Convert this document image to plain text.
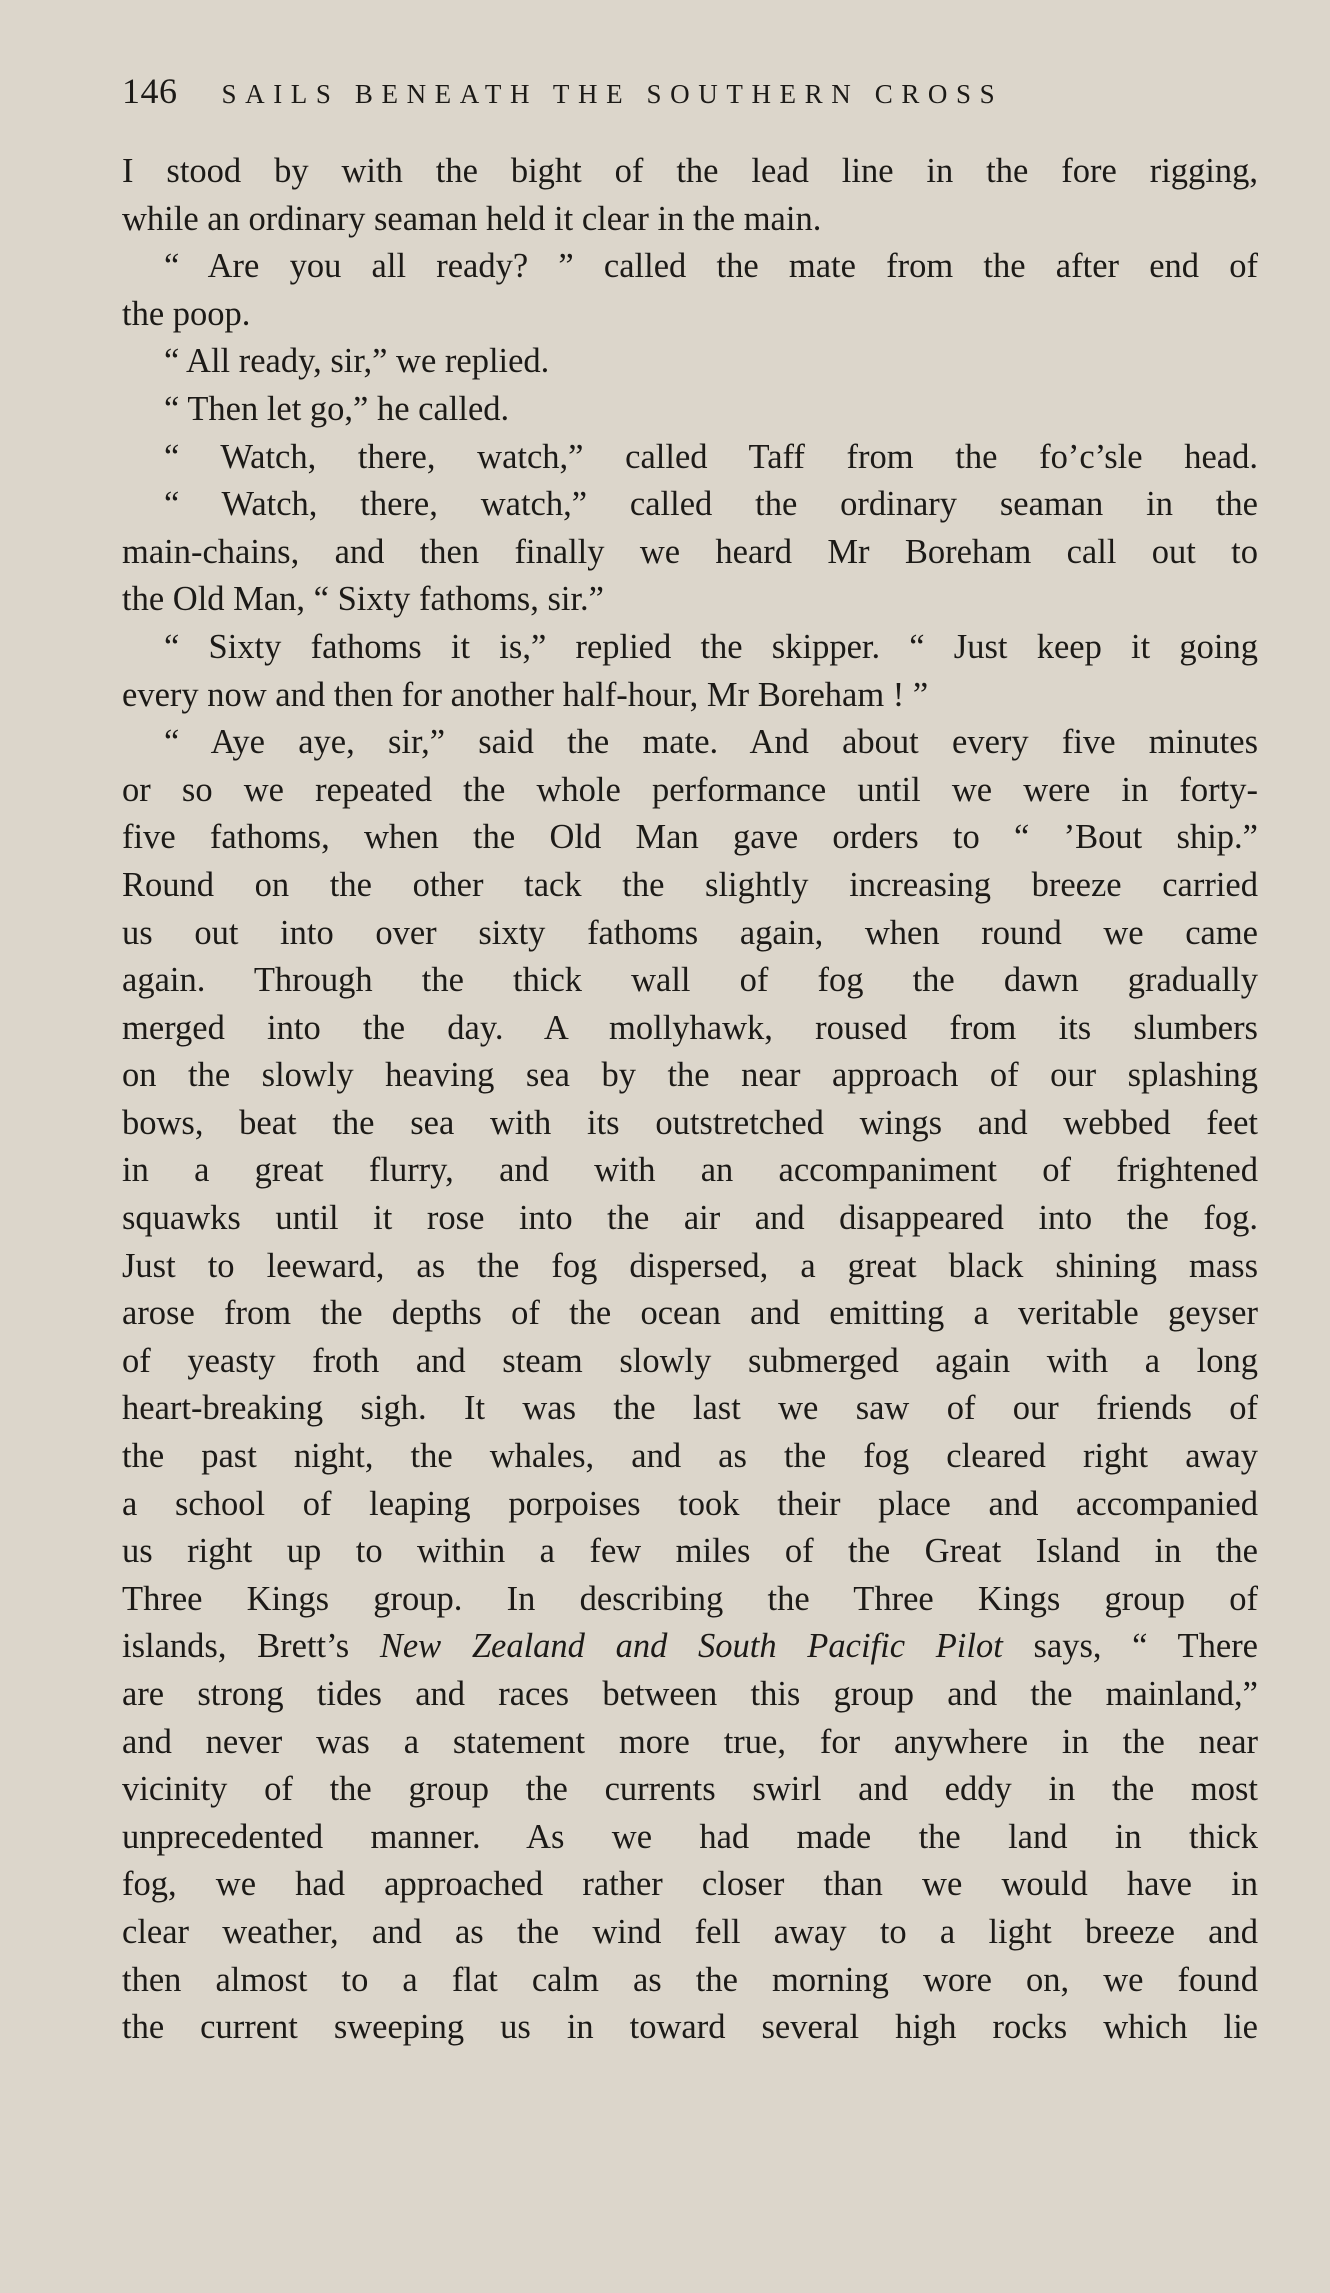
146 SAILS BENEATH THE SOUTHERN CROSS
I stood by with the bight of the lead line in the fore rigging,
while an ordinary seaman held it clear in the main.
“ Are you all ready? ” called the mate from the after end of
the poop.
“ All ready, sir,” we replied.
“ Then let go,” he called.
“ Watch, there, watch,” called Taff from the fo’c’sle head.
“ Watch, there, watch,” called the ordinary seaman in the
main-chains, and then finally we heard Mr Boreham call out to
the Old Man, “ Sixty fathoms, sir.”
“ Sixty fathoms it is,” replied the skipper. “ Just keep it going
every now and then for another half-hour, Mr Boreham ! ”
“ Aye aye, sir,” said the mate. And about every five minutes
or so we repeated the whole performance until we were in forty-
five fathoms, when the Old Man gave orders to “ ’Bout ship.”
Round on the other tack the slightly increasing breeze carried
us out into over sixty fathoms again, when round we came
again. Through the thick wall of fog the dawn gradually
merged into the day. A mollyhawk, roused from its slumbers
on the slowly heaving sea by the near approach of our splashing
bows, beat the sea with its outstretched wings and webbed feet
in a great flurry, and with an accompaniment of frightened
squawks until it rose into the air and disappeared into the fog.
Just to leeward, as the fog dispersed, a great black shining mass
arose from the depths of the ocean and emitting a veritable geyser
of yeasty froth and steam slowly submerged again with a long
heart-breaking sigh. It was the last we saw of our friends of
the past night, the whales, and as the fog cleared right away
a school of leaping porpoises took their place and accompanied
us right up to within a few miles of the Great Island in the
Three Kings group. In describing the Three Kings group of
islands, Brett’s New Zealand and South Pacific Pilot says, “ There
are strong tides and races between this group and the mainland,”
and never was a statement more true, for anywhere in the near
vicinity of the group the currents swirl and eddy in the most
unprecedented manner. As we had made the land in thick
fog, we had approached rather closer than we would have in
clear weather, and as the wind fell away to a light breeze and
then almost to a flat calm as the morning wore on, we found
the current sweeping us in toward several high rocks which lie
